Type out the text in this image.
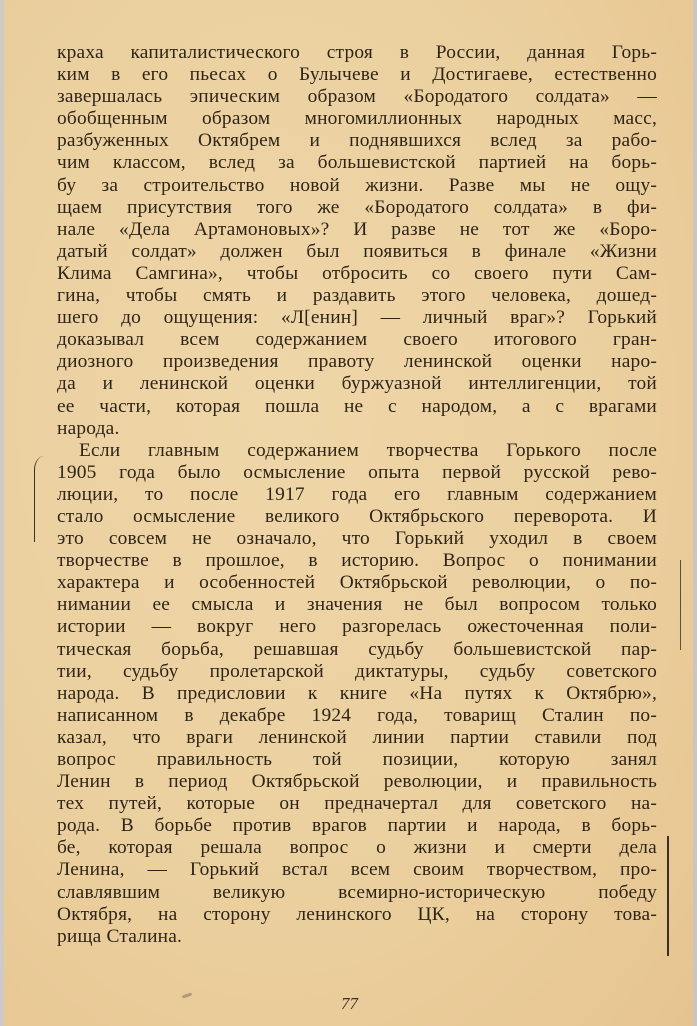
краха капиталистического строя в России, данная Горь-
ким в его пьесах о Булычеве и Достигаеве, естественно
завершалась эпическим образом «Бородатого солдата» —
обобщенным образом многомиллионных народных масс,
разбуженных Октябрем и поднявшихся вслед за рабо-
чим классом, вслед за большевистской партией на борь-
бу за строительство новой жизни. Разве мы не ощу-
щаем присутствия того же «Бородатого солдата» в фи-
нале «Дела Артамоновых»? И разве не тот же «Боро-
датый солдат» должен был появиться в финале «Жизни
Клима Самгина», чтобы отбросить со своего пути Сам-
гина, чтобы смять и раздавить этого человека, дошед-
шего до ощущения: «Л[енин] — личный враг»? Горький
доказывал всем содержанием своего итогового гран-
диозного произведения правоту ленинской оценки наро-
да и ленинской оценки буржуазной интеллигенции, той
ее части, которая пошла не с народом, а с врагами
народа.
Если главным содержанием творчества Горького после
1905 года было осмысление опыта первой русской рево-
люции, то после 1917 года его главным содержанием
стало осмысление великого Октябрьского переворота. И
это совсем не означало, что Горький уходил в своем
творчестве в прошлое, в историю. Вопрос о понимании
характера и особенностей Октябрьской революции, о по-
нимании ее смысла и значения не был вопросом только
истории — вокруг него разгорелась ожесточенная поли-
тическая борьба, решавшая судьбу большевистской пар-
тии, судьбу пролетарской диктатуры, судьбу советского
народа. В предисловии к книге «На путях к Октябрю»,
написанном в декабре 1924 года, товарищ Сталин по-
казал, что враги ленинской линии партии ставили под
вопрос правильность той позиции, которую занял
Ленин в период Октябрьской революции, и правильность
тех путей, которые он предначертал для советского на-
рода. В борьбе против врагов партии и народа, в борь-
бе, которая решала вопрос о жизни и смерти дела
Ленина, — Горький встал всем своим творчеством, про-
славлявшим великую всемирно-историческую победу
Октября, на сторону ленинского ЦК, на сторону това-
рища Сталина.
77
